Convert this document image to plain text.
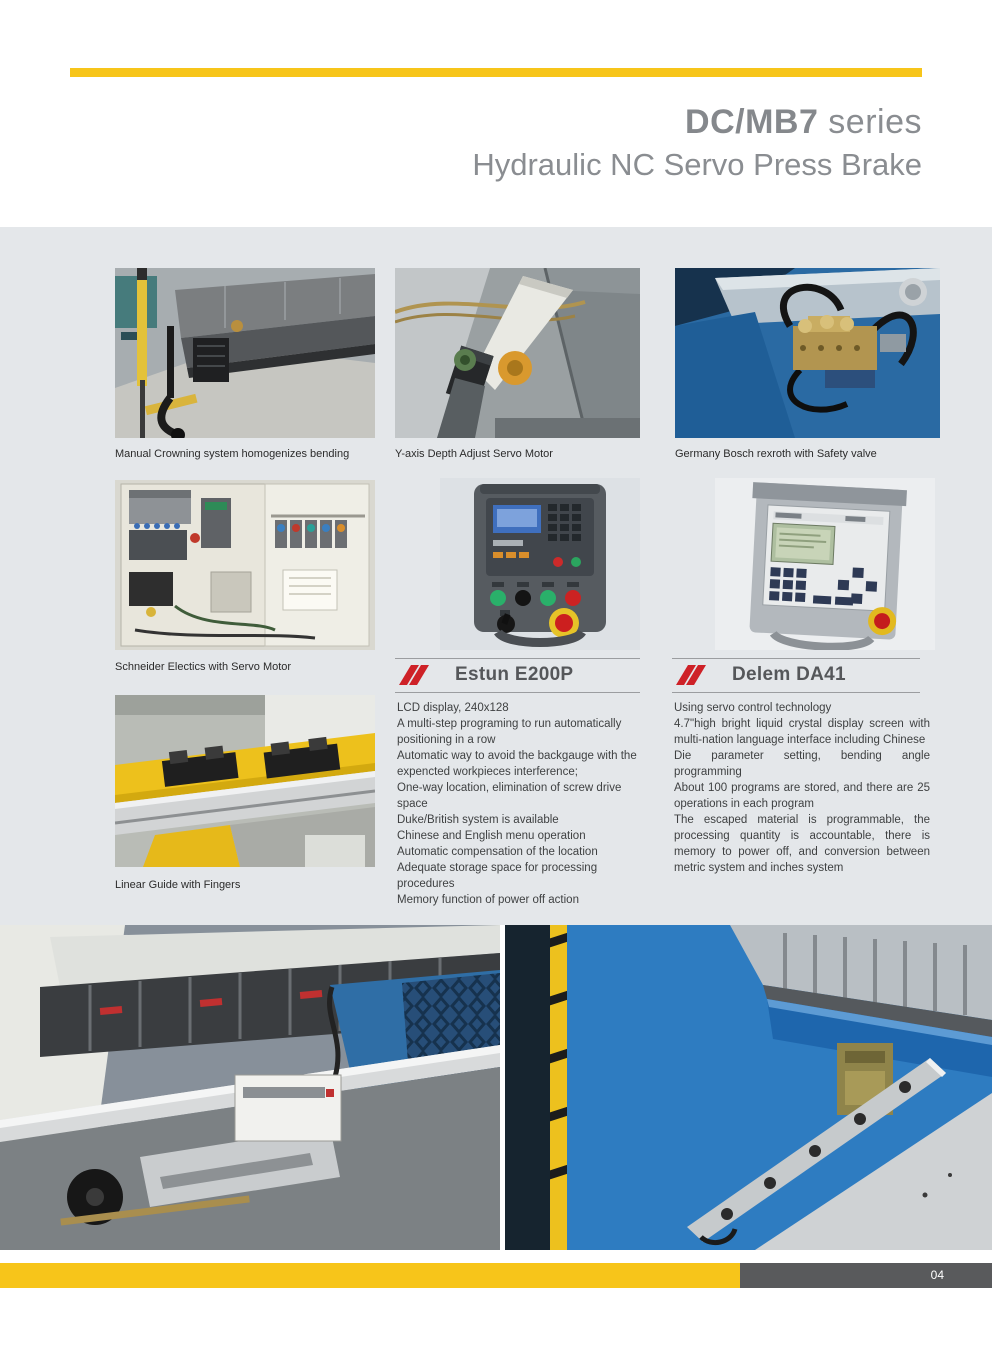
DC/MB7 series
Hydraulic NC Servo Press Brake
Manual Crowning system homogenizes bending	Y-axis Depth Adjust Servo Motor	Germany Bosch rexroth with Safety valve
Schneider Electics with Servo Motor	Estun E200P	Delem DA41

LCD display, 240x128

A multi-step programing to run automatically positioning in a row

Automatic way to avoid the backgauge with the expencted workpieces interference;

One-way location, elimination of screw drive space

Duke/British system is available

Chinese and English menu operation

Automatic compensation of the location

Adequate storage space for processing procedures

Memory function of power off action

Using servo control technology

4.7"high bright liquid crystal display screen with multi-nation language interface including Chinese

Die parameter setting, bending angle programming

About 100 programs are stored, and there are 25 operations in each program

The escaped material is programmable, the processing quantity is accountable, there is memory to power off, and conversion between metric system and inches system

Linear Guide with Fingers
04
